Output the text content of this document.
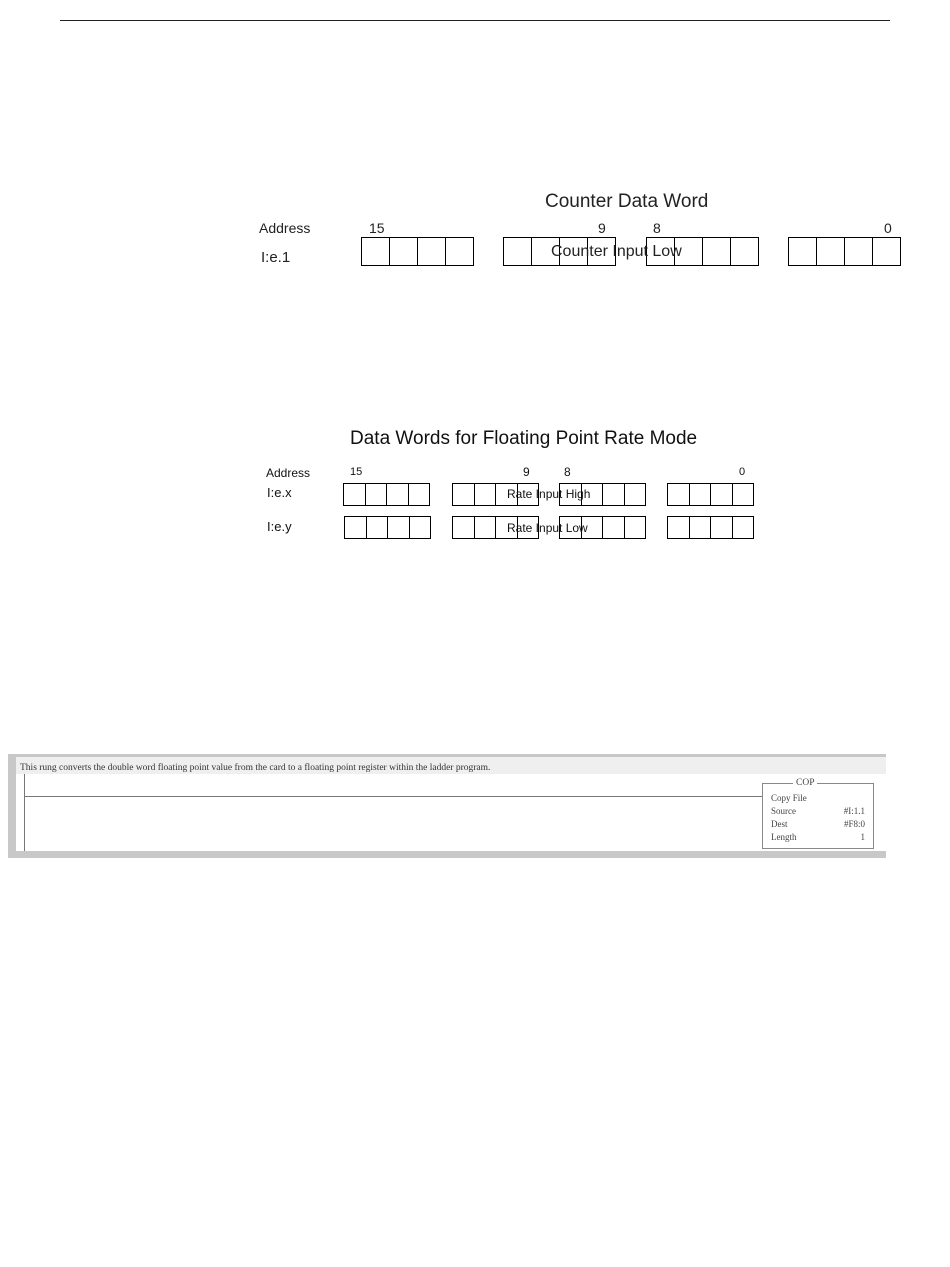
Counter Data Word
Address	15	9	8	0
I:e.1	Counter Input Low
Data Words for Floating Point Rate Mode
Address	15	9	8	0
I:e.x	Rate Input High
I:e.y	Rate Input Low
This rung converts the double word floating point value from the card to a floating point register within the ladder program.
COP
Copy File
Source	#I:1.1
Dest	#F8:0
Length	1
